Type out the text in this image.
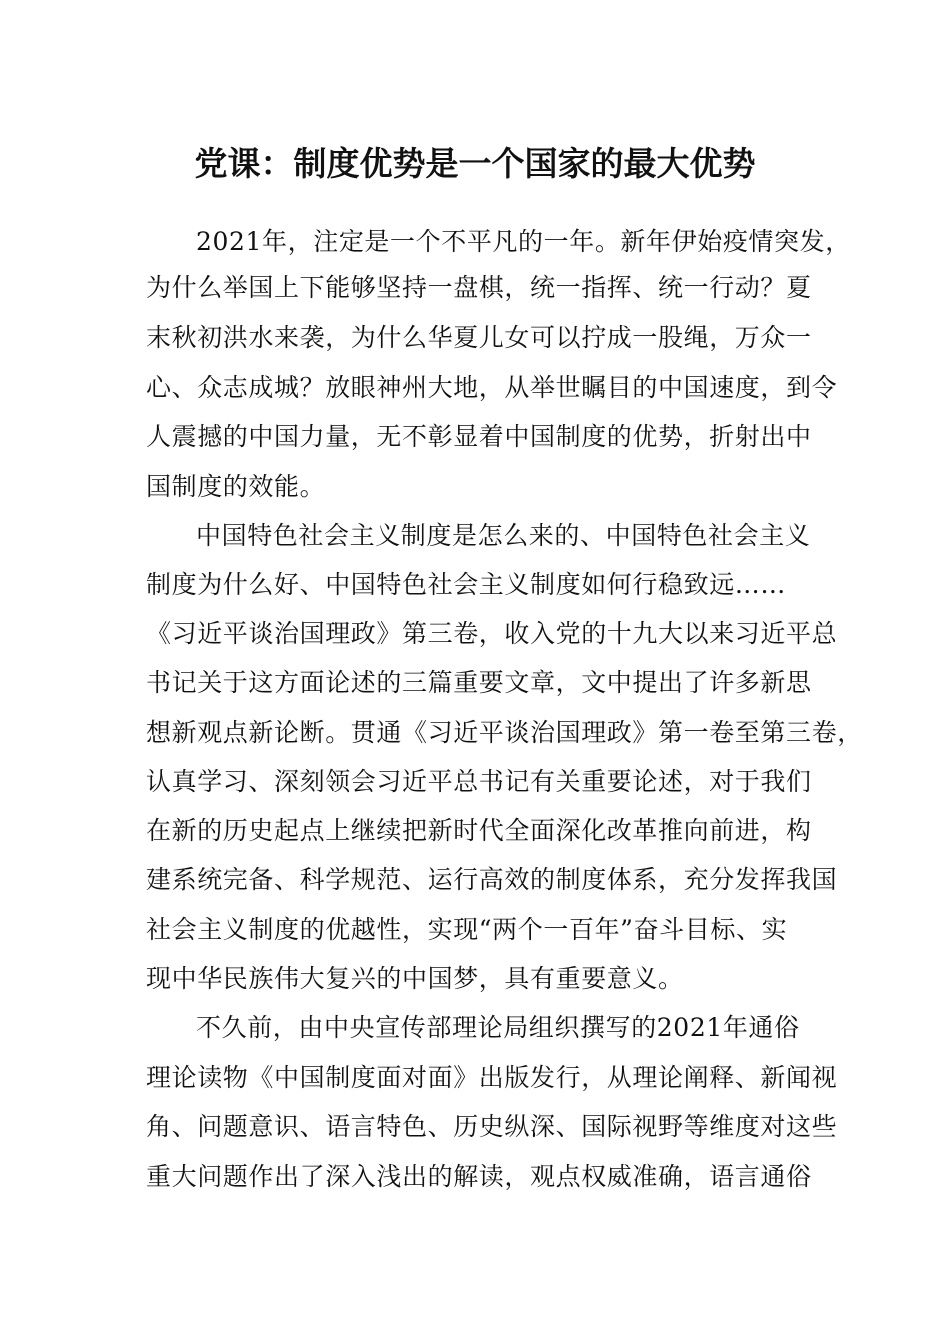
党课：制度优势是一个国家的最大优势

2021年，注定是一个不平凡的一年。新年伊始疫情突发，

为什么举国上下能够坚持一盘棋，统一指挥、统一行动？夏

末秋初洪水来袭，为什么华夏儿女可以拧成一股绳，万众一

心、众志成城？放眼神州大地，从举世瞩目的中国速度，到令

人震撼的中国力量，无不彰显着中国制度的优势，折射出中

国制度的效能。

中国特色社会主义制度是怎么来的、中国特色社会主义

制度为什么好、中国特色社会主义制度如何行稳致远……

《习近平谈治国理政》第三卷，收入党的十九大以来习近平总

书记关于这方面论述的三篇重要文章，文中提出了许多新思

想新观点新论断。贯通《习近平谈治国理政》第一卷至第三卷，

认真学习、深刻领会习近平总书记有关重要论述，对于我们

在新的历史起点上继续把新时代全面深化改革推向前进，构

建系统完备、科学规范、运行高效的制度体系，充分发挥我国

社会主义制度的优越性，实现“两个一百年”奋斗目标、实

现中华民族伟大复兴的中国梦，具有重要意义。

不久前，由中央宣传部理论局组织撰写的2021年通俗

理论读物《中国制度面对面》出版发行，从理论阐释、新闻视

角、问题意识、语言特色、历史纵深、国际视野等维度对这些

重大问题作出了深入浅出的解读，观点权威准确，语言通俗
